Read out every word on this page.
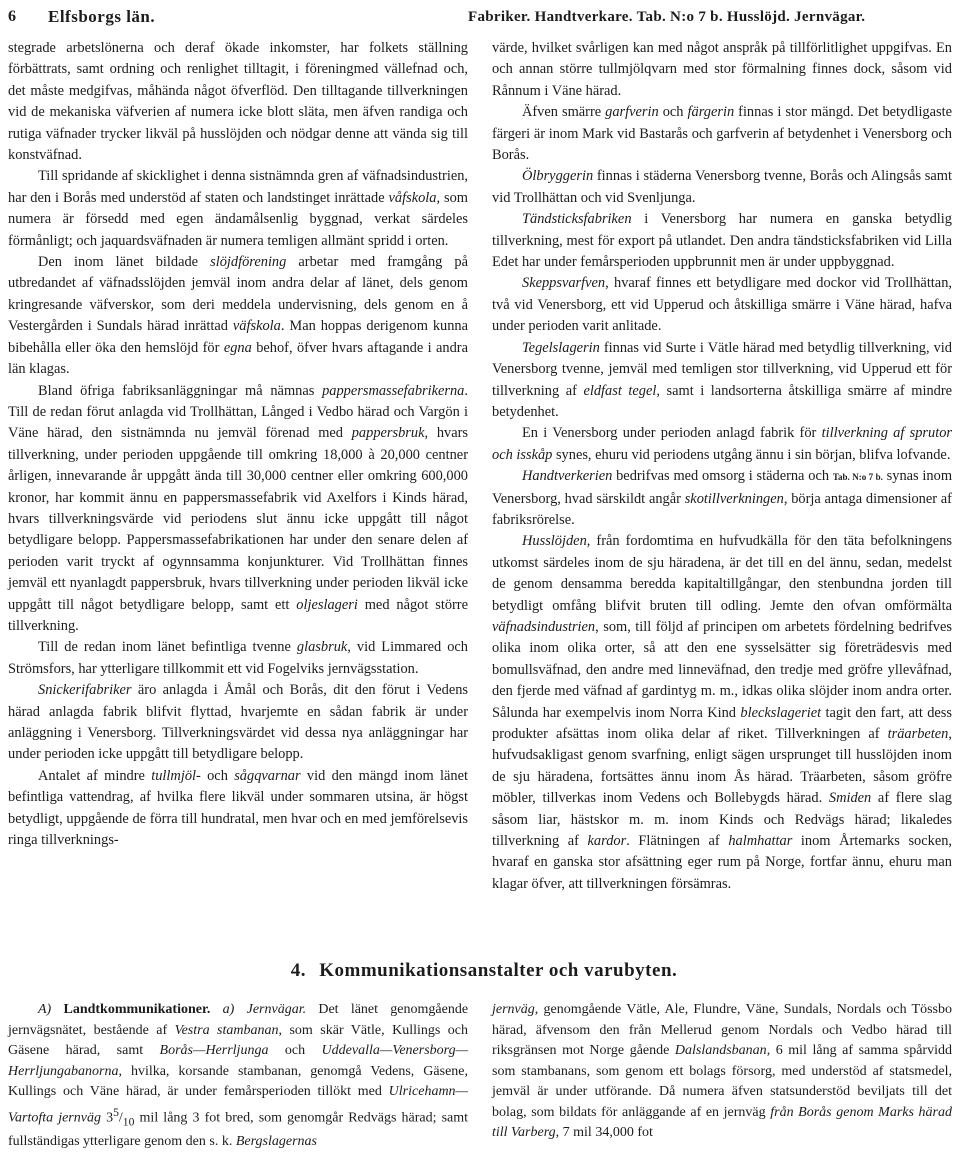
6	Elfsborgs län.	Fabriker. Handtverkare. Tab. N:o 7 b. Husslöjd. Jernvägar.

stegrade arbetslönerna och deraf ökade inkomster, har folkets ställning förbättrats, samt ordning och renlighet tilltagit, i föreningmed vällefnad och, det måste medgifvas, måhända något öfverflöd. Den tilltagande tillverkningen vid de mekaniska väfverien af numera icke blott släta, men äfven randiga och rutiga väfnader trycker likväl på husslöjden och nödgar denne att vända sig till konstväfnad.

Till spridande af skicklighet i denna sistnämnda gren af väfnadsindustrien, har den i Borås med understöd af staten och landstinget inrättade våfskola, som numera är försedd med egen ändamålsenlig byggnad, verkat särdeles förmånligt; och jaquardsväfnaden är numera temligen allmänt spridd i orten.

Den inom länet bildade slöjdförening arbetar med framgång på utbredandet af väfnadsslöjden jemväl inom andra delar af länet, dels genom kringresande väfverskor, som deri meddela undervisning, dels genom en å Vestergården i Sundals härad inrättad väfskola. Man hoppas derigenom kunna bibehålla eller öka den hemslöjd för egna behof, öfver hvars aftagande i andra län klagas.

Bland öfriga fabriksanläggningar må nämnas pappersmassefabrikerna. Till de redan förut anlagda vid Trollhättan, Långed i Vedbo härad och Vargön i Väne härad, den sistnämnda nu jemväl förenad med pappersbruk, hvars tillverkning, under perioden uppgående till omkring 18,000 à 20,000 centner årligen, innevarande år uppgått ända till 30,000 centner eller omkring 600,000 kronor, har kommit ännu en pappersmassefabrik vid Axelfors i Kinds härad, hvars tillverkningsvärde vid periodens slut ännu icke uppgått till något betydligare belopp. Pappersmassefabrikationen har under den senare delen af perioden varit tryckt af ogynnsamma konjunkturer. Vid Trollhättan finnes jemväl ett nyanlagdt pappersbruk, hvars tillverkning under perioden likväl icke uppgått till något betydligare belopp, samt ett oljeslageri med något större tillverkning.

Till de redan inom länet befintliga tvenne glasbruk, vid Limmared och Strömsfors, har ytterligare tillkommit ett vid Fogelviks jernvägsstation.

Snickerifabriker äro anlagda i Åmål och Borås, dit den förut i Vedens härad anlagda fabrik blifvit flyttad, hvarjemte en sådan fabrik är under anläggning i Venersborg. Tillverkningsvärdet vid dessa nya anläggningar har under perioden icke uppgått till betydligare belopp.

Antalet af mindre tullmjöl- och sågqvarnar vid den mängd inom länet befintliga vattendrag, af hvilka flere likväl under sommaren utsina, är högst betydligt, uppgående de förra till hundratal, men hvar och en med jemförelsevis ringa tillverknings-

värde, hvilket svårligen kan med något anspråk på tillförlitlighet uppgifvas. En och annan större tullmjölqvarn med stor förmalning finnes dock, såsom vid Rånnum i Väne härad.

Äfven smärre garfverin och färgerin finnas i stor mängd. Det betydligaste färgeri är inom Mark vid Bastarås och garfverin af betydenhet i Venersborg och Borås.

Ölbryggerin finnas i städerna Venersborg tvenne, Borås och Alingsås samt vid Trollhättan och vid Svenljunga.

Tändsticksfabriken i Venersborg har numera en ganska betydlig tillverkning, mest för export på utlandet. Den andra tändsticksfabriken vid Lilla Edet har under femårsperioden uppbrunnit men är under uppbyggnad.

Skeppsvarfven, hvaraf finnes ett betydligare med dockor vid Trollhättan, två vid Venersborg, ett vid Upperud och åtskilliga smärre i Väne härad, hafva under perioden varit anlitade.

Tegelslagerin finnas vid Surte i Vätle härad med betydlig tillverkning, vid Venersborg tvenne, jemväl med temligen stor tillverkning, vid Upperud ett för tillverkning af eldfast tegel, samt i landsorterna åtskilliga smärre af mindre betydenhet.

En i Venersborg under perioden anlagd fabrik för tillverkning af sprutor och isskåp synes, ehuru vid periodens utgång ännu i sin början, blifva lofvande.

Handtverkerien bedrifvas med omsorg i städerna och Tab. N:o 7 b. synas inom Venersborg, hvad särskildt angår skotillverkningen, börja antaga dimensioner af fabriksrörelse.

Husslöjden, från fordomtima en hufvudkälla för den täta befolkningens utkomst särdeles inom de sju häradena, är det till en del ännu, sedan, medelst de genom densamma beredda kapitaltillgångar, den stenbundna jorden till betydligt omfång blifvit bruten till odling. Jemte den ofvan omförmälta väfnadsindustrien, som, till följd af principen om arbetets fördelning bedrifves olika inom olika orter, så att den ene sysselsätter sig företrädesvis med bomullsväfnad, den andre med linneväfnad, den tredje med gröfre yllevåfnad, den fjerde med väfnad af gardintyg m. m., idkas olika slöjder inom andra orter. Sålunda har exempelvis inom Norra Kind bleckslageriet tagit den fart, att dess produkter afsättas inom olika delar af riket. Tillverkningen af träarbeten, hufvudsakligast genom svarfning, enligt sägen ursprunget till husslöjden inom de sju häradena, fortsättes ännu inom Ås härad. Träarbeten, såsom gröfre möbler, tillverkas inom Vedens och Bollebygds härad. Smiden af flere slag såsom liar, hästskor m. m. inom Kinds och Redvägs härad; likaledes tillverkning af kardor. Flätningen af halmhattar inom Årtemarks socken, hvaraf en ganska stor afsättning eger rum på Norge, fortfar ännu, ehuru man klagar öfver, att tillverkningen försämras.

4. Kommunikationsanstalter och varubyten.

A) Landtkommunikationer. a) Jernvägar. Det länet genomgående jernvägsnätet, bestående af Vestra stambanan, som skär Vätle, Kullings och Gäsene härad, samt Borås—Herrljunga och Uddevalla—Venersborg—Herrljungabanorna, hvilka, korsande stambanan, genomgå Vedens, Gäsene, Kullings och Väne härad, är under femårsperioden tillökt med Ulricehamn—Vartofta jernväg $3^5/_{10}$ mil lång 3 fot bred, som genomgår Redvägs härad; samt fullständigas ytterligare genom den s. k. Bergslagernas

jernväg, genomgående Vätle, Ale, Flundre, Väne, Sundals, Nordals och Tössbo härad, äfvensom den från Mellerud genom Nordals och Vedbo härad till riksgränsen mot Norge gående Dalslandsbanan, 6 mil lång af samma spårvidd som stambanans, som genom ett bolags försorg, med understöd af statsmedel, jemväl är under utförande. Då numera äfven statsunderstöd beviljats till det bolag, som bildats för anläggande af en jernväg från Borås genom Marks härad till Varberg, 7 mil 34,000 fot
